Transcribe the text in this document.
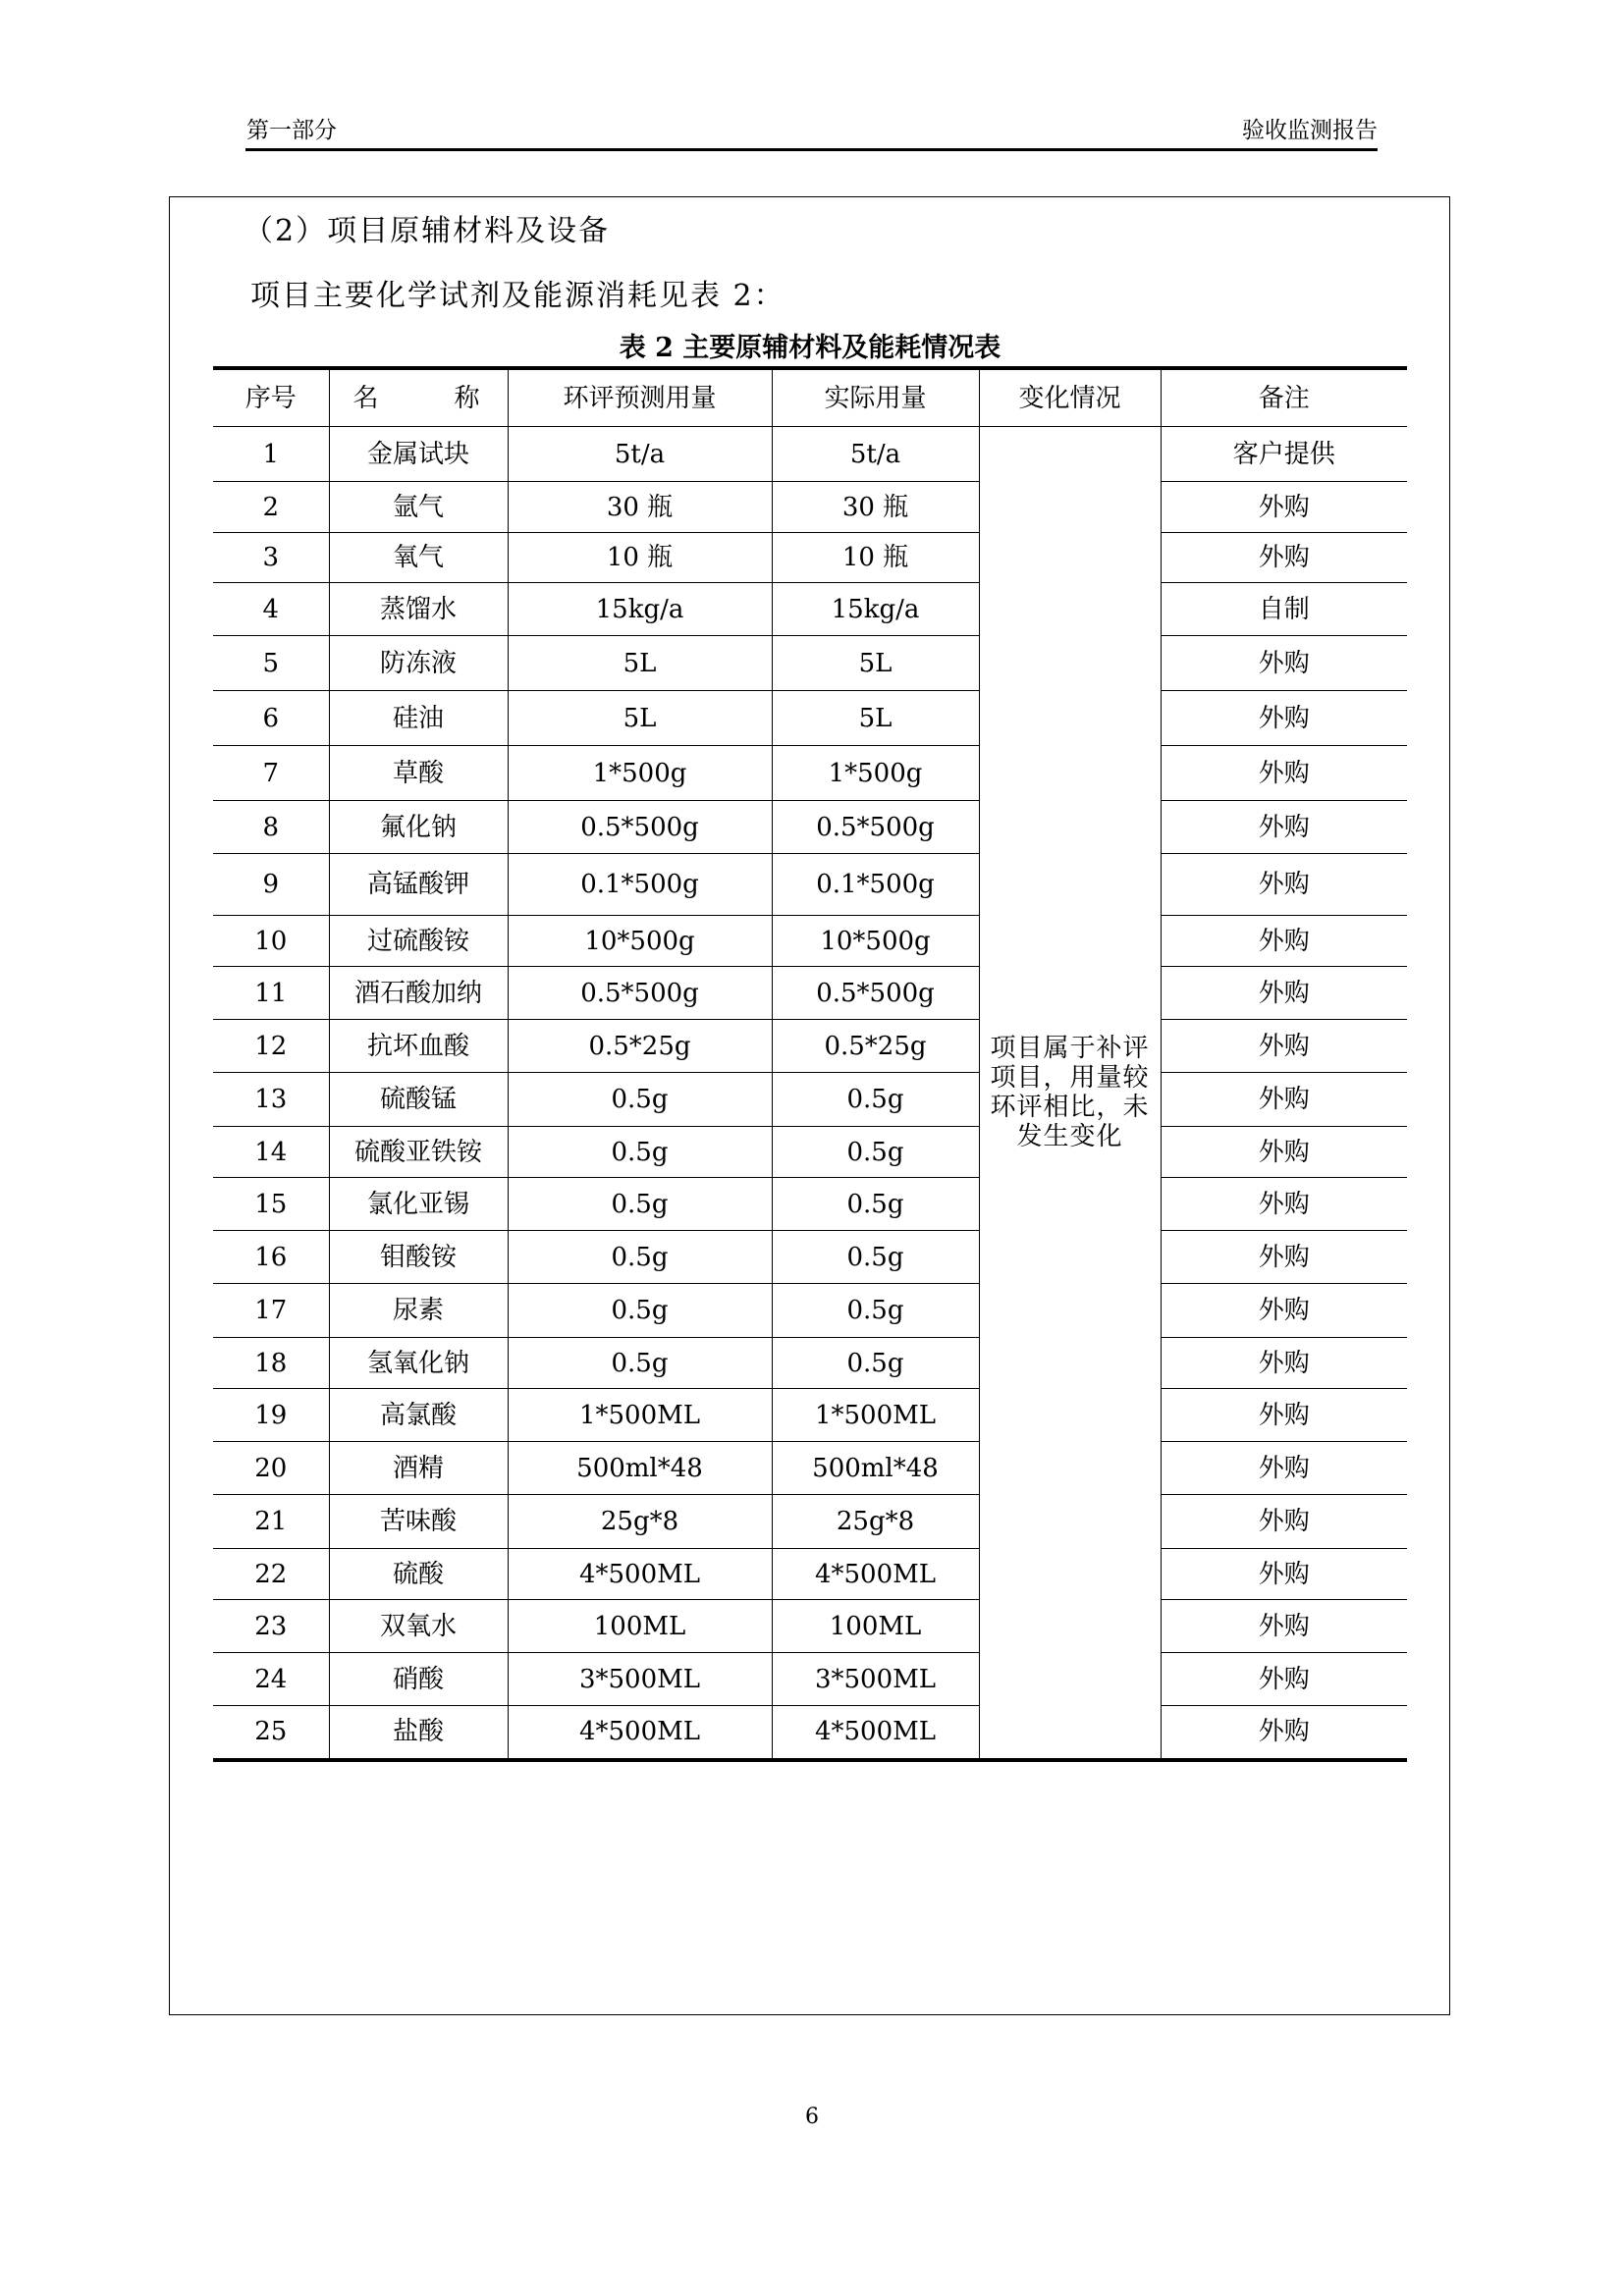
第一部分	验收监测报告
（2）项目原辅材料及设备
项目主要化学试剂及能源消耗见表 2：
表 2 主要原辅材料及能耗情况表
序号	名 称	环评预测用量	实际用量	变化情况	备注
1	金属试块	5t/a	5t/a	项目属于补评项目，用量较环评相比，未发生变化	客户提供
2	氩气	30 瓶	30 瓶		外购
3	氧气	10 瓶	10 瓶		外购
4	蒸馏水	15kg/a	15kg/a		自制
5	防冻液	5L	5L		外购
6	硅油	5L	5L		外购
7	草酸	1*500g	1*500g		外购
8	氟化钠	0.5*500g	0.5*500g		外购
9	高锰酸钾	0.1*500g	0.1*500g		外购
10	过硫酸铵	10*500g	10*500g		外购
11	酒石酸加纳	0.5*500g	0.5*500g		外购
12	抗坏血酸	0.5*25g	0.5*25g		外购
13	硫酸锰	0.5g	0.5g		外购
14	硫酸亚铁铵	0.5g	0.5g		外购
15	氯化亚锡	0.5g	0.5g		外购
16	钼酸铵	0.5g	0.5g		外购
17	尿素	0.5g	0.5g		外购
18	氢氧化钠	0.5g	0.5g		外购
19	高氯酸	1*500ML	1*500ML		外购
20	酒精	500ml*48	500ml*48		外购
21	苦味酸	25g*8	25g*8		外购
22	硫酸	4*500ML	4*500ML		外购
23	双氧水	100ML	100ML		外购
24	硝酸	3*500ML	3*500ML		外购
25	盐酸	4*500ML	4*500ML		外购
6
